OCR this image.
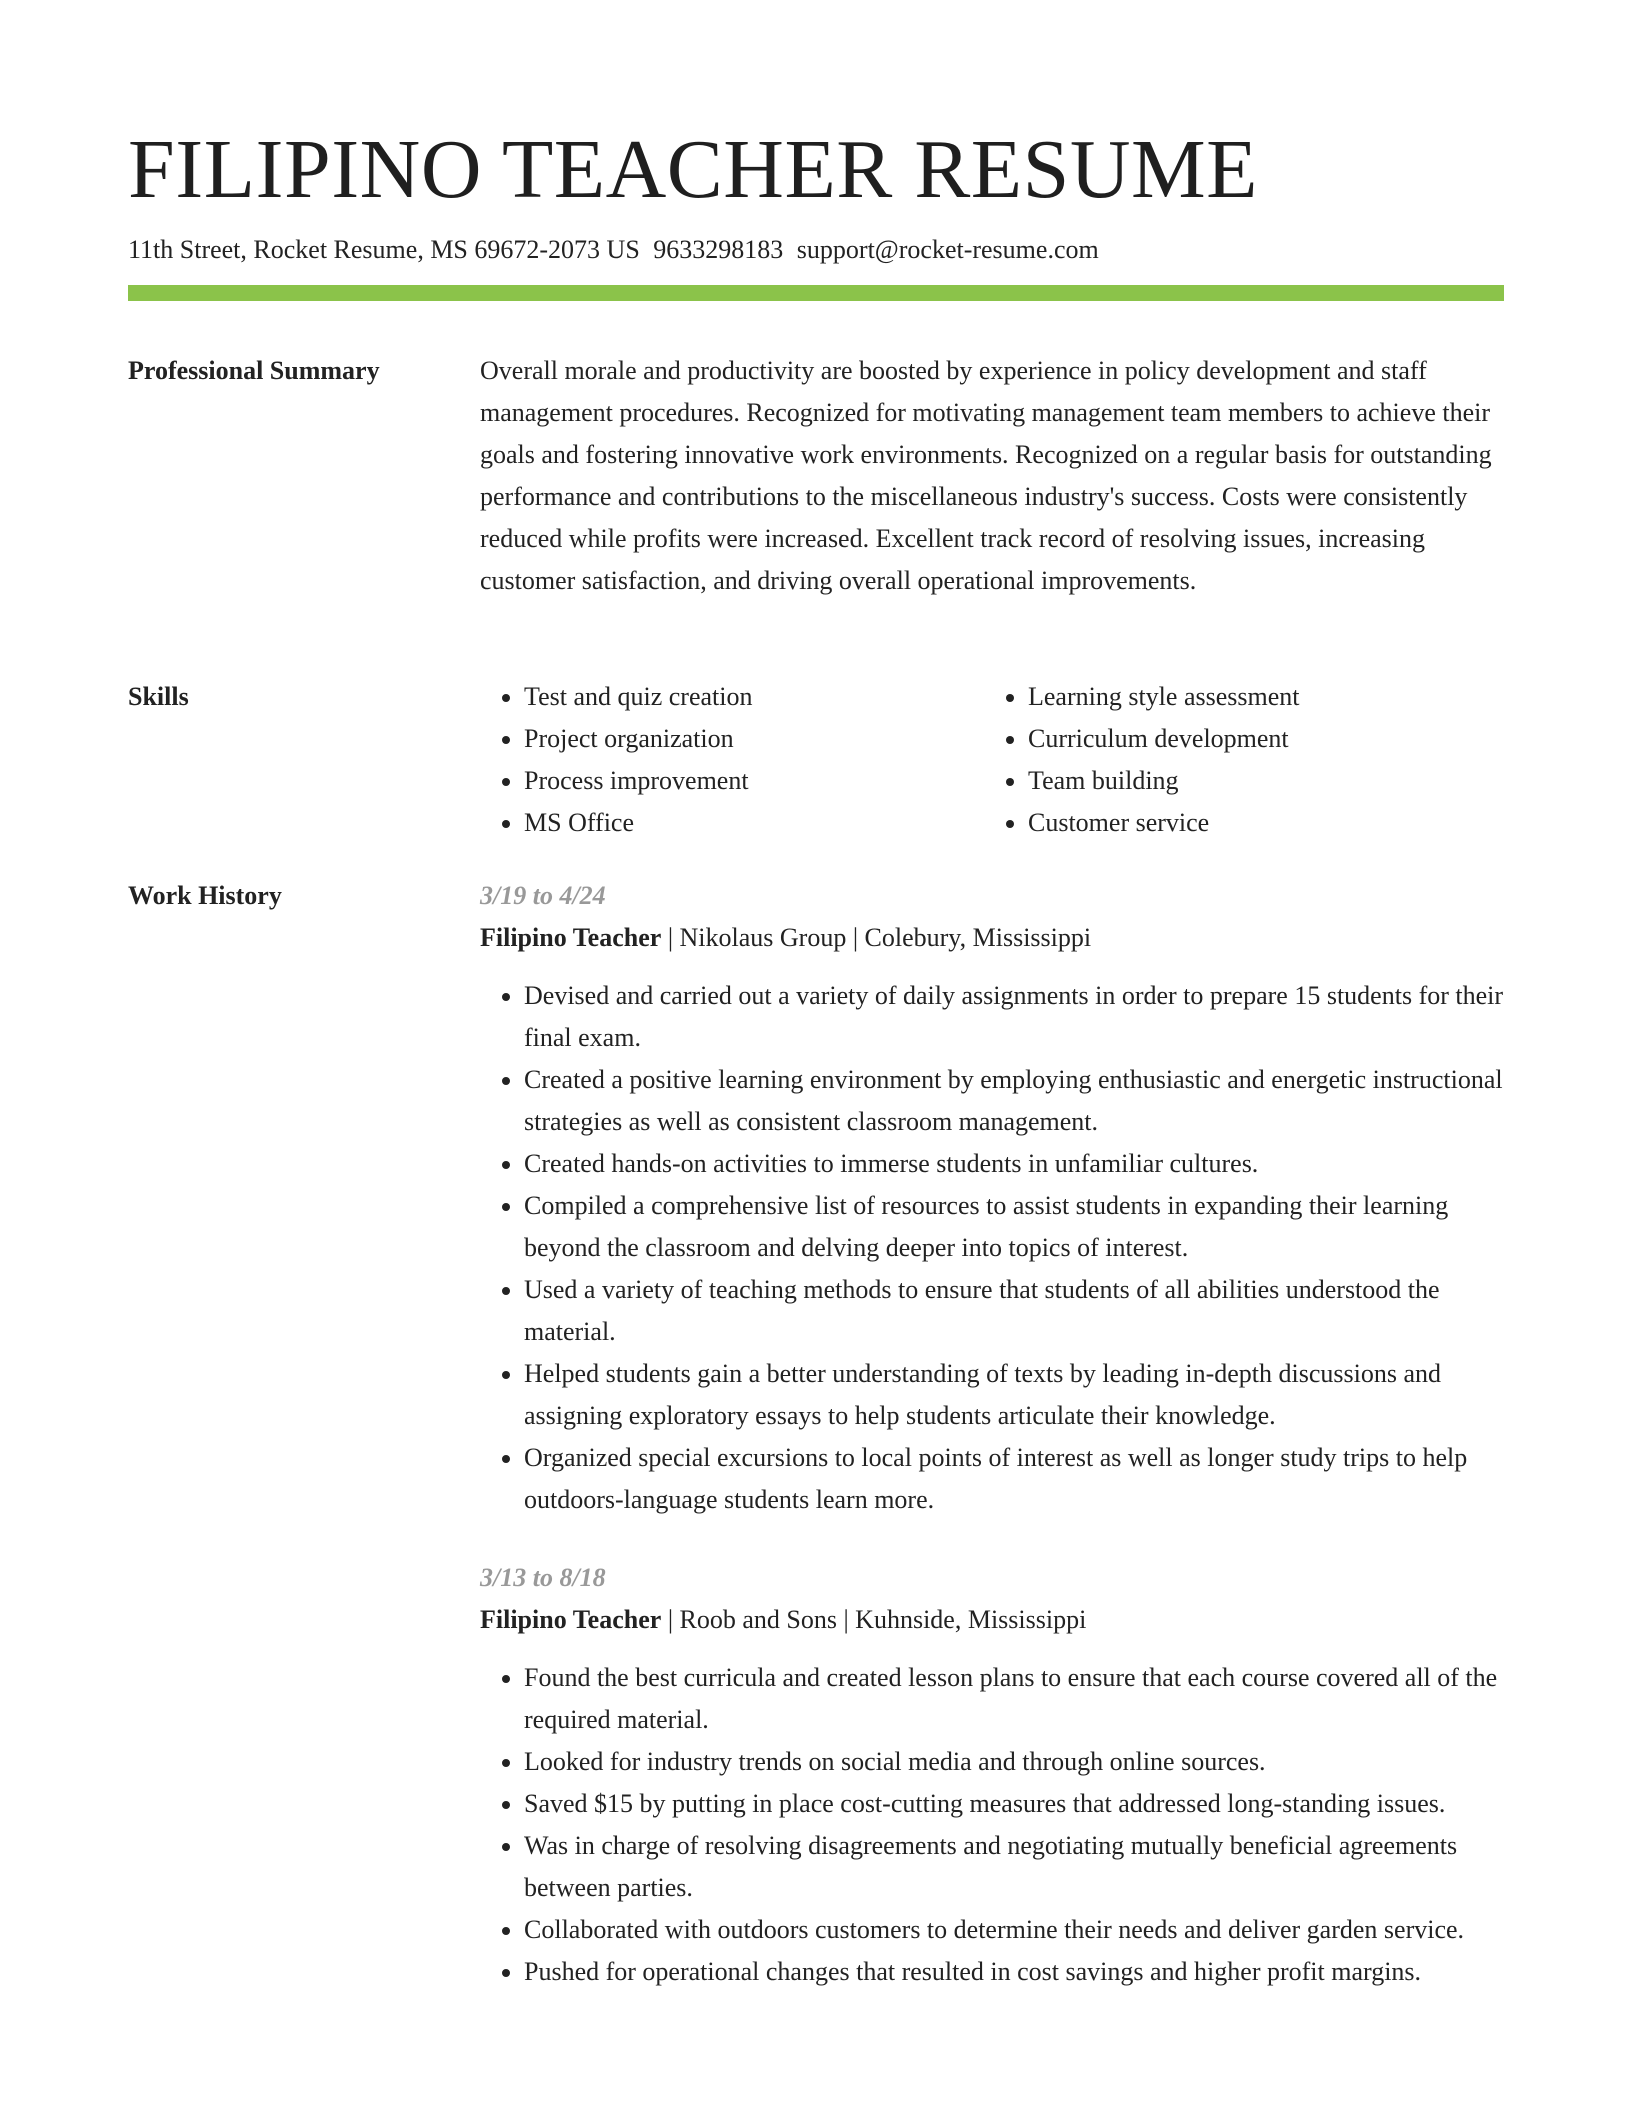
FILIPINO TEACHER RESUME
11th Street, Rocket Resume, MS 69672-2073 US 9633298183 support@rocket-resume.com
Professional Summary	Overall morale and productivity are boosted by experience in policy development and staff management procedures. Recognized for motivating management team members to achieve their goals and fostering innovative work environments. Recognized on a regular basis for outstanding performance and contributions to the miscellaneous industry's success. Costs were consistently reduced while profits were increased. Excellent track record of resolving issues, increasing customer satisfaction, and driving overall operational improvements.

Skills
•	Test and quiz creation
• Project organization
• Process improvement
• MS Office
• Learning style assessment
• Curriculum development
• Team building
• Customer service
Work History	3/19 to 4/24
Filipino Teacher | Nikolaus Group | Colebury, Mississippi
• Devised and carried out a variety of daily assignments in order to prepare 15 students for their final exam.
• Created a positive learning environment by employing enthusiastic and energetic instructional strategies as well as consistent classroom management.
• Created hands-on activities to immerse students in unfamiliar cultures.
• Compiled a comprehensive list of resources to assist students in expanding their learning beyond the classroom and delving deeper into topics of interest.
• Used a variety of teaching methods to ensure that students of all abilities understood the material.
• Helped students gain a better understanding of texts by leading in-depth discussions and assigning exploratory essays to help students articulate their knowledge.
• Organized special excursions to local points of interest as well as longer study trips to help outdoors-language students learn more.
3/13 to 8/18
Filipino Teacher | Roob and Sons | Kuhnside, Mississippi
• Found the best curricula and created lesson plans to ensure that each course covered all of the required material.
• Looked for industry trends on social media and through online sources.
• Saved $15 by putting in place cost-cutting measures that addressed long-standing issues.
• Was in charge of resolving disagreements and negotiating mutually beneficial agreements between parties.
• Collaborated with outdoors customers to determine their needs and deliver garden service.
• Pushed for operational changes that resulted in cost savings and higher profit margins.
